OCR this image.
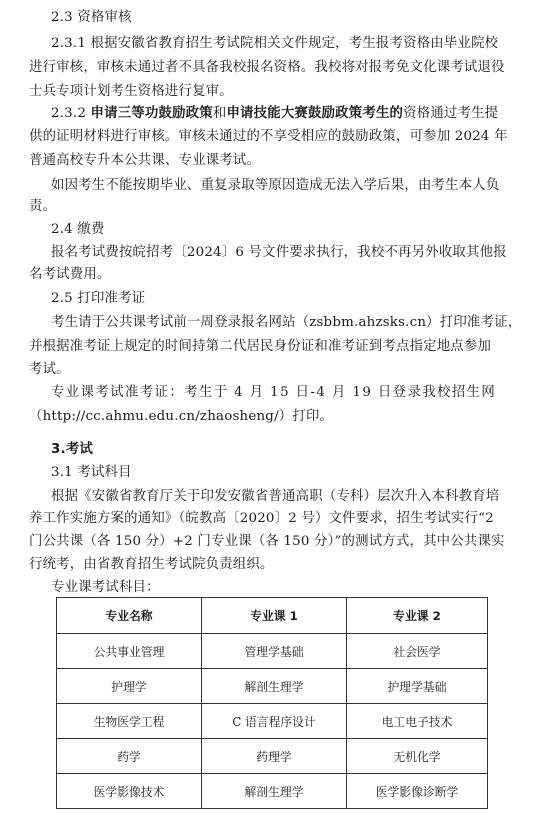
2.3 资格审核
2.3.1 根据安徽省教育招生考试院相关文件规定，考生报考资格由毕业院校
进行审核，审核未通过者不具备我校报名资格。我校将对报考免文化课考试退役
士兵专项计划考生资格进行复审。
2.3.2 申请三等功鼓励政策和申请技能大赛鼓励政策考生的资格通过考生提
供的证明材料进行审核。审核未通过的不享受相应的鼓励政策，可参加 2024 年
普通高校专升本公共课、专业课考试。
如因考生不能按期毕业、重复录取等原因造成无法入学后果，由考生本人负
责。
2.4 缴费
报名考试费按皖招考〔2024〕6 号文件要求执行，我校不再另外收取其他报
名考试费用。
2.5 打印准考证
考生请于公共课考试前一周登录报名网站（zsbbm.ahzsks.cn）打印准考证，
并根据准考证上规定的时间持第二代居民身份证和准考证到考点指定地点参加
考试。
专业课考试准考证：考生于 4 月 15 日-4 月 19 日登录我校招生网
（http://cc.ahmu.edu.cn/zhaosheng/）打印。
3.考试
3.1 考试科目
根据《安徽省教育厅关于印发安徽省普通高职（专科）层次升入本科教育培
养工作实施方案的通知》（皖教高〔2020〕2 号）文件要求，招生考试实行“2
门公共课（各 150 分）+2 门专业课（各 150 分）”的测试方式，其中公共课实
行统考，由省教育招生考试院负责组织。
专业课考试科目：
专业名称	专业课 1	专业课 2
公共事业管理	管理学基础	社会医学
护理学	解剖生理学	护理学基础
生物医学工程	C 语言程序设计	电工电子技术
药学	药理学	无机化学
医学影像技术	解剖生理学	医学影像诊断学
